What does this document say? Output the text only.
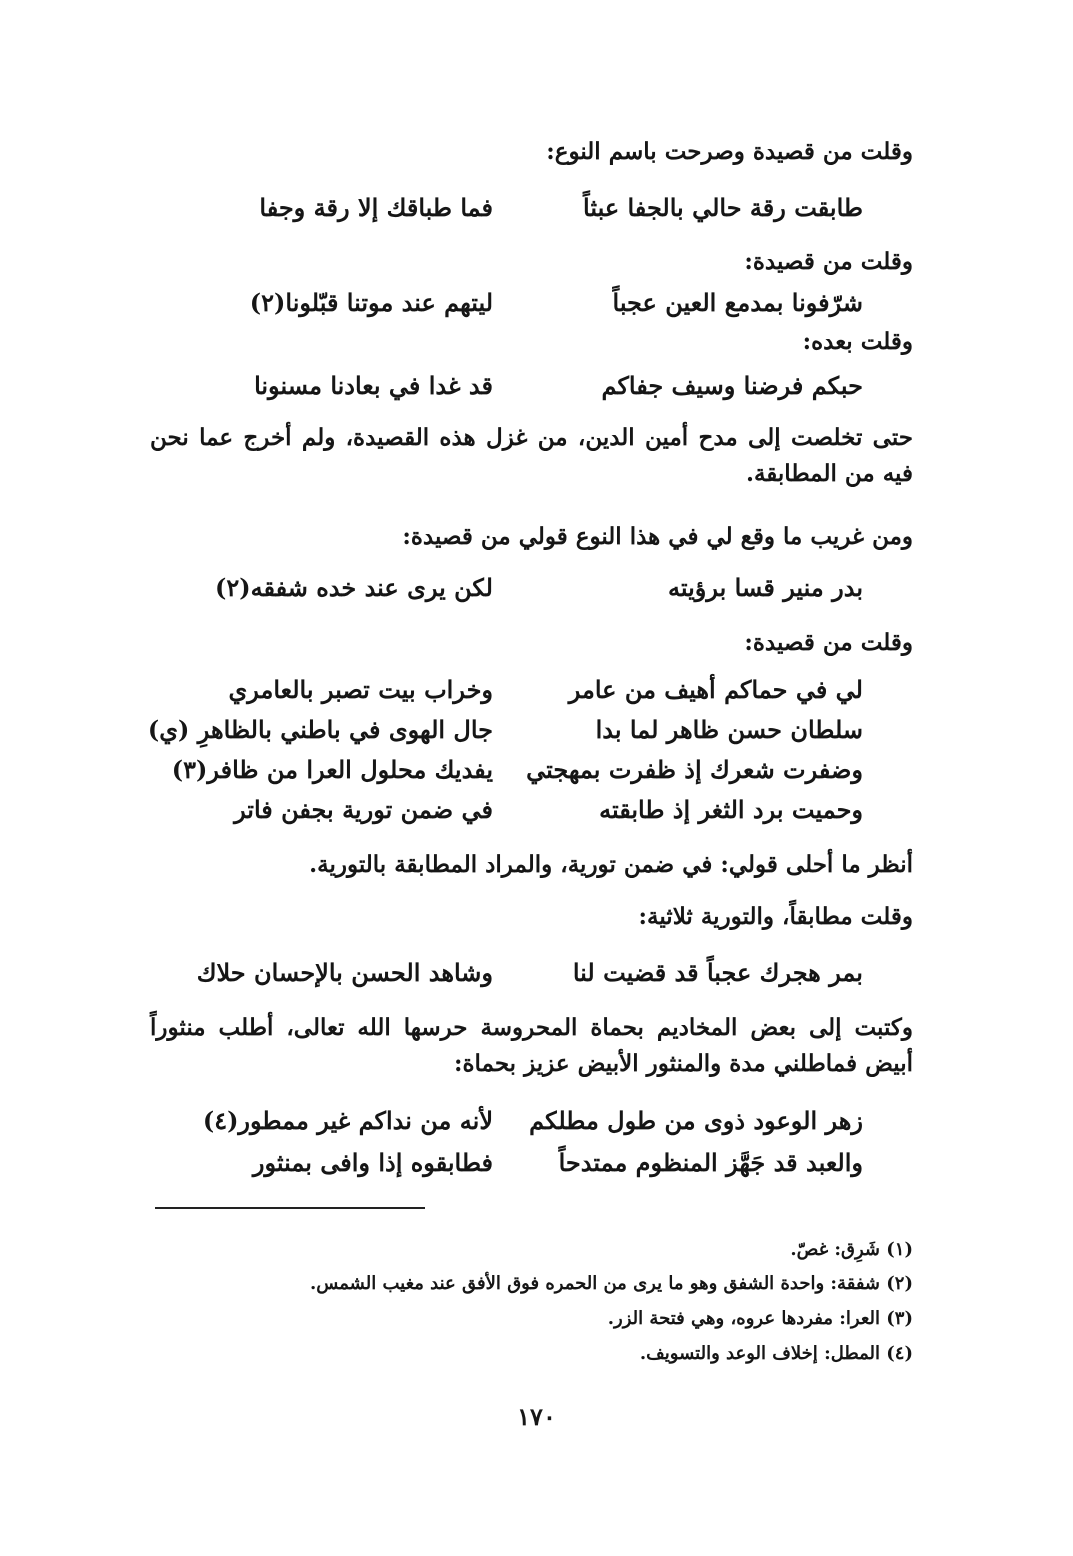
وقلت من قصيدة وصرحت باسم النوع:
طابقت رقة حالي بالجفا عبثاً
فما طباقك إلا رقة وجفا
وقلت من قصيدة:
شرّفونا بمدمع العين عجباً
ليتهم عند موتنا قبّلونا(٢)
وقلت بعده:
حبكم فرضنا وسيف جفاكم
قد غدا في بعادنا مسنونا
حتى تخلصت إلى مدح أمين الدين، من غزل هذه القصيدة، ولم أخرج عما نحن فيه من المطابقة.
ومن غريب ما وقع لي في هذا النوع قولي من قصيدة:
بدر منير قسا برؤيته
لكن يرى عند خده شفقه(٢)
وقلت من قصيدة:
لي في حماكم أهيف من عامر
وخراب بيت تصبر بالعامري
سلطان حسن ظاهر لما بدا
جال الهوى في باطني بالظاهرِ (ي)
وضفرت شعرك إذ ظفرت بمهجتي
يفديك محلول العرا من ظافر(٣)
وحميت برد الثغر إذ طابقته
في ضمن تورية بجفن فاتر
أنظر ما أحلى قولي: في ضمن تورية، والمراد المطابقة بالتورية.
وقلت مطابقاً، والتورية ثلاثية:
بمر هجرك عجباً قد قضيت لنا
وشاهد الحسن بالإحسان حلاك
وكتبت إلى بعض المخاديم بحماة المحروسة حرسها الله تعالى، أطلب منثوراً أبيض فماطلني مدة والمنثور الأبيض عزيز بحماة:
زهر الوعود ذوى من طول مطلكم
لأنه من نداكم غير ممطور(٤)
والعبد قد جَهَّز المنظوم ممتدحاً
فطابقوه إذا وافى بمنثور
(١) شَرِق: غصّ.
(٢) شفقة: واحدة الشفق وهو ما يرى من الحمره فوق الأفق عند مغيب الشمس.
(٣) العرا: مفردها عروه، وهي فتحة الزر.
(٤) المطل: إخلاف الوعد والتسويف.
١٧٠
